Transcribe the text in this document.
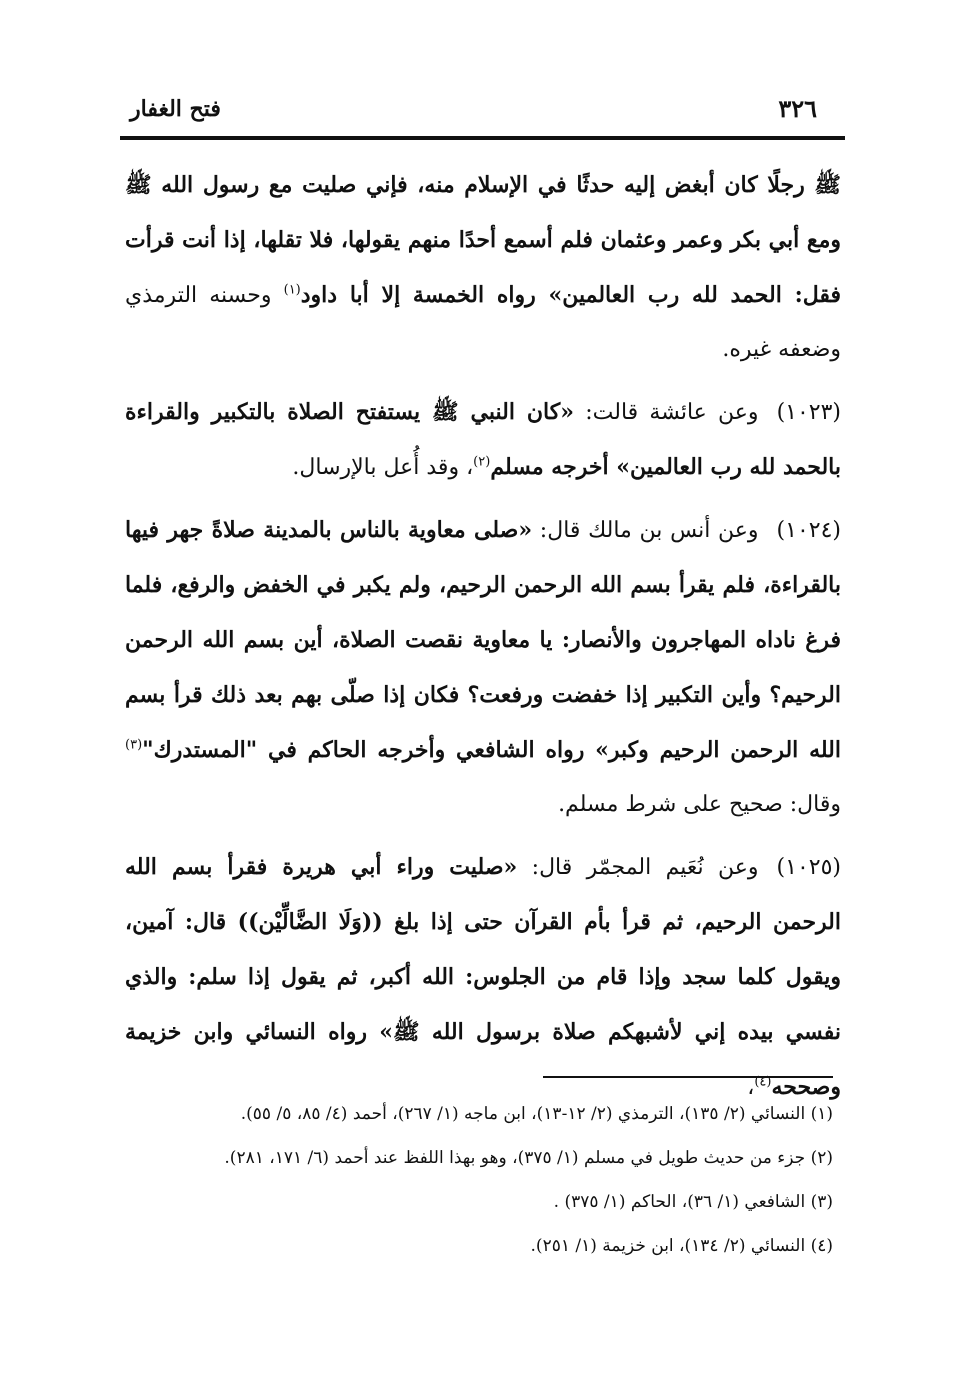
٣٢٦
فتح الغفار

ﷺ رجلًا كان أبغض إليه حدثًا في الإسلام منه، فإني صليت مع رسول الله ﷺ ومع أبي بكر وعمر وعثمان فلم أسمع أحدًا منهم يقولها، فلا تقلها، إذا أنت قرأت فقل: الحمد لله رب العالمين» رواه الخمسة إلا أبا داود$^{(١)}$ وحسنه الترمذي وضعفه غيره.

(١٠٢٣)وعن عائشة قالت: «كان النبي ﷺ يستفتح الصلاة بالتكبير والقراءة بالحمد لله رب العالمين» أخرجه مسلم$^{(٢)}$، وقد أُعل بالإرسال.

(١٠٢٤)وعن أنس بن مالك قال: «صلى معاوية بالناس بالمدينة صلاةً جهر فيها بالقراءة، فلم يقرأ بسم الله الرحمن الرحيم، ولم يكبر في الخفض والرفع، فلما فرغ ناداه المهاجرون والأنصار: يا معاوية نقصت الصلاة، أين بسم الله الرحمن الرحيم؟ وأين التكبير إذا خفضت ورفعت؟ فكان إذا صلّى بهم بعد ذلك قرأ بسم الله الرحمن الرحيم وكبر» رواه الشافعي وأخرجه الحاكم في "المستدرك"$^{(٣)}$ وقال: صحيح على شرط مسلم.

(١٠٢٥)وعن نُعَيم المجمّر قال: «صليت وراء أبي هريرة فقرأ بسم الله الرحمن الرحيم، ثم قرأ بأم القرآن حتى إذا بلغ ((وَلَا الضَّالِّيْن)) قال: آمين، ويقول كلما سجد وإذا قام من الجلوس: الله أكبر، ثم يقول إذا سلم: والذي نفسي بيده إني لأشبهكم صلاة برسول الله ﷺ» رواه النسائي وابن خزيمة وصححه$^{(٤)}$،

(١) النسائي (٢/ ١٣٥)، الترمذي (٢/ ١٢-١٣)، ابن ماجه (١/ ٢٦٧)، أحمد (٤/ ٨٥، ٥/ ٥٥).

(٢) جزء من حديث طويل في مسلم (١/ ٣٧٥)، وهو بهذا اللفظ عند أحمد (٦/ ١٧١، ٢٨١).

(٣) الشافعي (١/ ٣٦)، الحاكم (١/ ٣٧٥) .

(٤) النسائي (٢/ ١٣٤)، ابن خزيمة (١/ ٢٥١).
